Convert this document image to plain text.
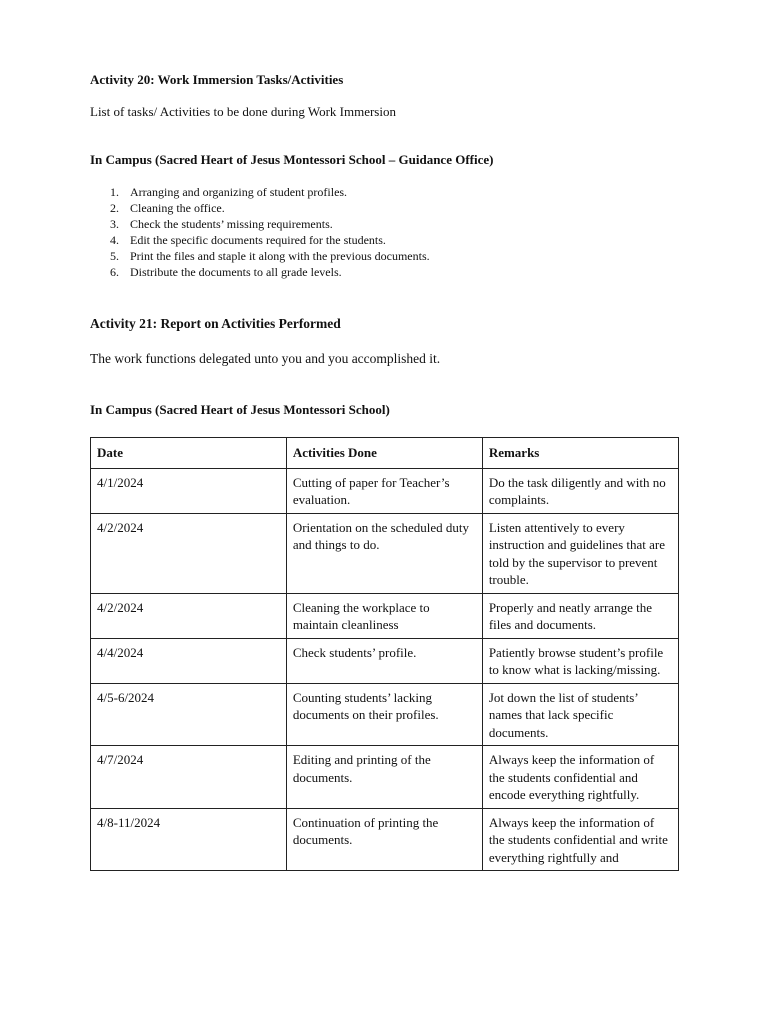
Activity 20: Work Immersion Tasks/Activities
List of tasks/ Activities to be done during Work Immersion
In Campus (Sacred Heart of Jesus Montessori School – Guidance Office)
1. Arranging and organizing of student profiles.
2. Cleaning the office.
3. Check the students’ missing requirements.
4. Edit the specific documents required for the students.
5. Print the files and staple it along with the previous documents.
6. Distribute the documents to all grade levels.
Activity 21: Report on Activities Performed
The work functions delegated unto you and you accomplished it.
In Campus (Sacred Heart of Jesus Montessori School)
Date	Activities Done	Remarks
4/1/2024	Cutting of paper for Teacher’s evaluation.	Do the task diligently and with no complaints.
4/2/2024	Orientation on the scheduled duty and things to do.	Listen attentively to every instruction and guidelines that are told by the supervisor to prevent trouble.
4/2/2024	Cleaning the workplace to maintain cleanliness	Properly and neatly arrange the files and documents.
4/4/2024	Check students’ profile.	Patiently browse student’s profile to know what is lacking/missing.
4/5-6/2024	Counting students’ lacking documents on their profiles.	Jot down the list of students’ names that lack specific documents.
4/7/2024	Editing and printing of the documents.	Always keep the information of the students confidential and encode everything rightfully.
4/8-11/2024	Continuation of printing the documents.	Always keep the information of the students confidential and write everything rightfully and
